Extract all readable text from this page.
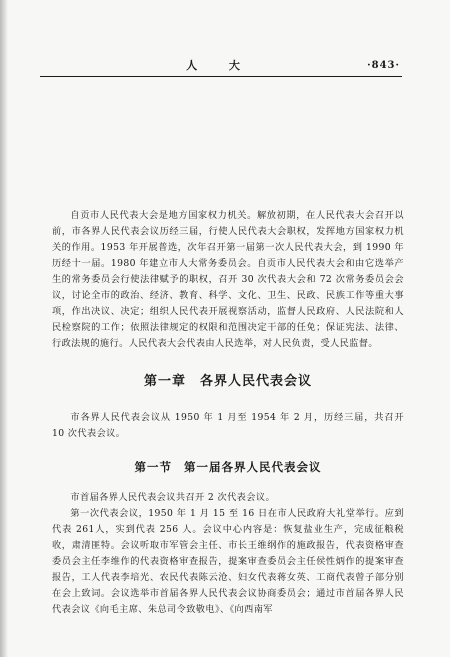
人 大	·843·

自贡市人民代表大会是地方国家权力机关。解放初期，在人民代表大会召开以前，市各界人民代表会议历经三届，行使人民代表大会职权，发挥地方国家权力机关的作用。1953 年开展普选，次年召开第一届第一次人民代表大会，到 1990 年历经十一届。1980 年建立市人大常务委员会。自贡市人民代表大会和由它选举产生的常务委员会行使法律赋予的职权，召开 30 次代表大会和 72 次常务委员会会议，讨论全市的政治、经济、教育、科学、文化、卫生、民政、民族工作等重大事项，作出决议、决定；组织人民代表开展视察活动，监督人民政府、人民法院和人民检察院的工作；依照法律规定的权限和范围决定干部的任免；保证宪法、法律、行政法规的施行。人民代表大会代表由人民选举，对人民负责，受人民监督。

第一章 各界人民代表会议

市各界人民代表会议从 1950 年 1 月至 1954 年 2 月，历经三届，共召开 10 次代表会议。

第一节 第一届各界人民代表会议

市首届各界人民代表会议共召开 2 次代表会议。

第一次代表会议，1950 年 1 月 15 至 16 日在市人民政府大礼堂举行。应到代表 261人，实到代表 256 人。会议中心内容是：恢复盐业生产，完成征粮税收，肃清匪特。会议听取市军管会主任、市长王维纲作的施政报告，代表资格审查委员会主任李维作的代表资格审查报告，提案审查委员会主任侯性炳作的提案审查报告，工人代表李培光、农民代表陈云沧、妇女代表蒋女英、工商代表曾子部分别在会上致词。会议选举市首届各界人民代表会议协商委员会；通过市首届各界人民代表会议《向毛主席、朱总司令致敬电》、《向西南军
